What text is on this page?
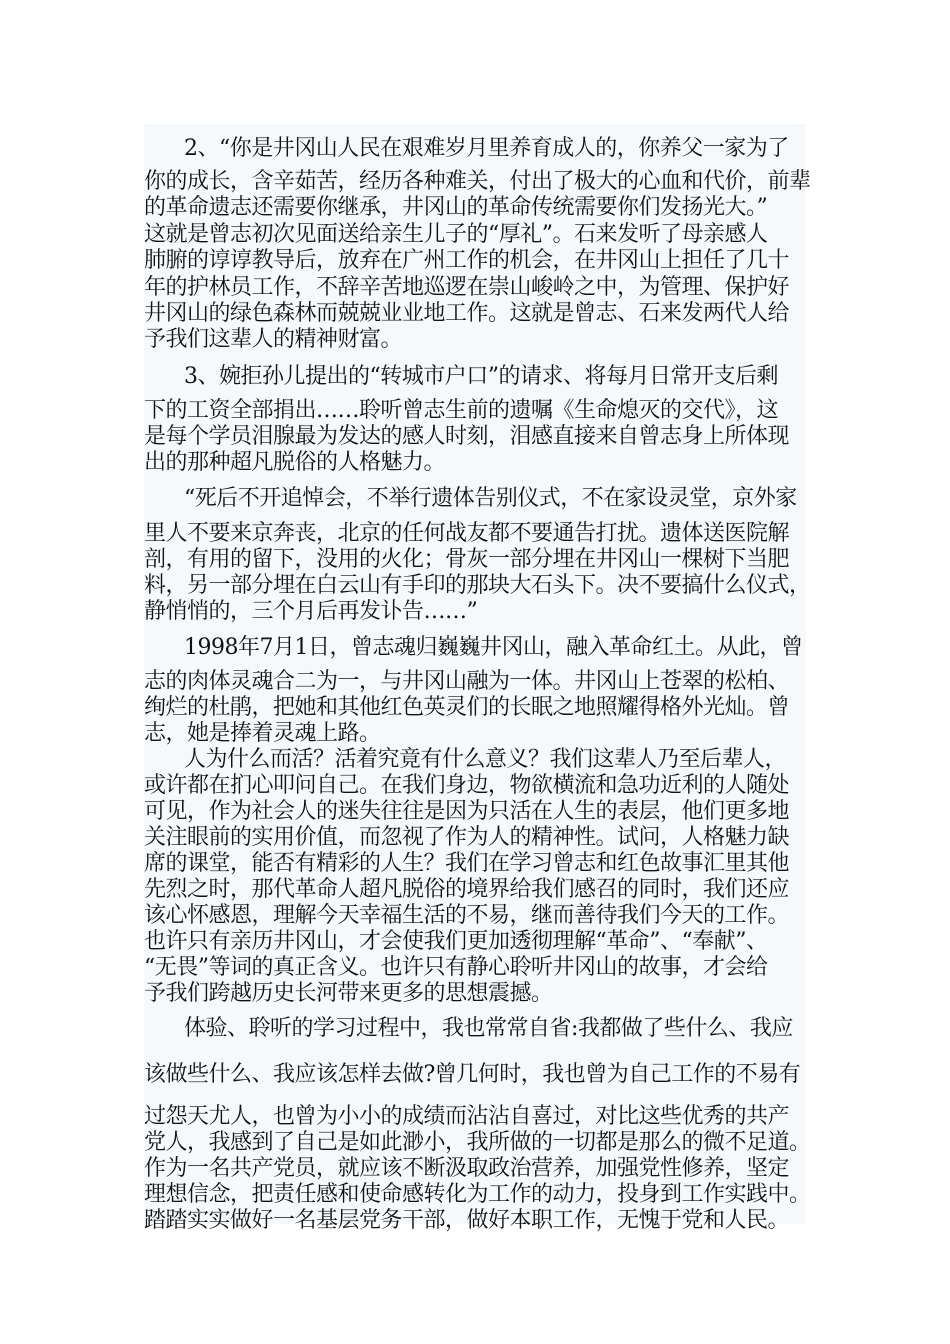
2、“你是井冈山人民在艰难岁月里养育成人的，你养父一家为了
你的成长，含辛茹苦，经历各种难关，付出了极大的心血和代价，前辈
的革命遗志还需要你继承，井冈山的革命传统需要你们发扬光大。”
这就是曾志初次见面送给亲生儿子的“厚礼”。石来发听了母亲感人
肺腑的谆谆教导后，放弃在广州工作的机会，在井冈山上担任了几十
年的护林员工作，不辞辛苦地巡逻在崇山峻岭之中，为管理、保护好
井冈山的绿色森林而兢兢业业地工作。这就是曾志、石来发两代人给
予我们这辈人的精神财富。
3、婉拒孙儿提出的“转城市户口”的请求、将每月日常开支后剩
下的工资全部捐出……聆听曾志生前的遗嘱《生命熄灭的交代》，这
是每个学员泪腺最为发达的感人时刻，泪感直接来自曾志身上所体现
出的那种超凡脱俗的人格魅力。
“死后不开追悼会，不举行遗体告别仪式，不在家设灵堂，京外家
里人不要来京奔丧，北京的任何战友都不要通告打扰。遗体送医院解
剖，有用的留下，没用的火化；骨灰一部分埋在井冈山一棵树下当肥
料，另一部分埋在白云山有手印的那块大石头下。决不要搞什么仪式，
静悄悄的，三个月后再发讣告……”
1998年7月1日，曾志魂归巍巍井冈山，融入革命红土。从此，曾
志的肉体灵魂合二为一，与井冈山融为一体。井冈山上苍翠的松柏、
绚烂的杜鹃，把她和其他红色英灵们的长眠之地照耀得格外光灿。曾
志，她是捧着灵魂上路。
人为什么而活？活着究竟有什么意义？我们这辈人乃至后辈人，
或许都在扪心叩问自己。在我们身边，物欲横流和急功近利的人随处
可见，作为社会人的迷失往往是因为只活在人生的表层，他们更多地
关注眼前的实用价值，而忽视了作为人的精神性。试问，人格魅力缺
席的课堂，能否有精彩的人生？我们在学习曾志和红色故事汇里其他
先烈之时，那代革命人超凡脱俗的境界给我们感召的同时，我们还应
该心怀感恩，理解今天幸福生活的不易，继而善待我们今天的工作。
也许只有亲历井冈山，才会使我们更加透彻理解“革命”、“奉献”、
“无畏”等词的真正含义。也许只有静心聆听井冈山的故事，才会给
予我们跨越历史长河带来更多的思想震撼。
体验、聆听的学习过程中，我也常常自省:我都做了些什么、我应
该做些什么、我应该怎样去做?曾几何时，我也曾为自己工作的不易有
过怨天尤人，也曾为小小的成绩而沾沾自喜过，对比这些优秀的共产
党人，我感到了自己是如此渺小，我所做的一切都是那么的微不足道。
作为一名共产党员，就应该不断汲取政治营养，加强党性修养，坚定
理想信念，把责任感和使命感转化为工作的动力，投身到工作实践中。
踏踏实实做好一名基层党务干部，做好本职工作，无愧于党和人民。
